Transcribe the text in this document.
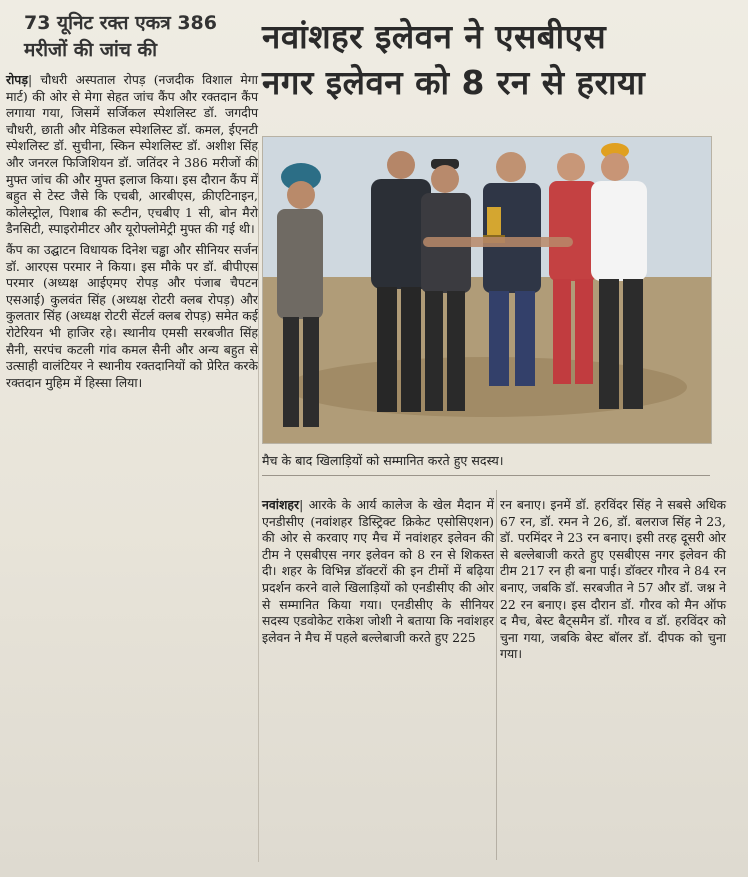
73 यूनिट रक्त एकत्र 386 मरीजों की जांच की

रोपड़| चौधरी अस्पताल रोपड़ (नजदीक विशाल मेगा मार्ट) की ओर से मेगा सेहत जांच कैंप और रक्तदान कैंप लगाया गया, जिसमें सर्जिकल स्पेशलिस्ट डॉ. जगदीप चौधरी, छाती और मेडिकल स्पेशलिस्ट डॉ. कमल, ईएनटी स्पेशलिस्ट डॉ. सुचीना, स्किन स्पेशलिस्ट डॉ. अशीश सिंह और जनरल फिजिशियन डॉ. जतिंदर ने 386 मरीजों की मुफ्त जांच की और मुफ्त इलाज किया। इस दौरान कैंप में बहुत से टेस्ट जैसे कि एचबी, आरबीएस, क्रीएटिनाइन, कोलेस्ट्रोल, पिशाब की रूटीन, एचबीए 1 सी, बोन मैरो डैनसिटी, स्पाइरोमीटर और यूरोफ्लोमेट्री मुफ्त की गई थी।

कैंप का उद्घाटन विधायक दिनेश चड्ढा और सीनियर सर्जन डॉ. आरएस परमार ने किया। इस मौके पर डॉ. बीपीएस परमार (अध्यक्ष आईएमए रोपड़ और पंजाब चैपटन एसआई) कुलवंत सिंह (अध्यक्ष रोटरी क्लब रोपड़) और कुलतार सिंह (अध्यक्ष रोटरी सेंटर्ल क्लब रोपड़) समेत कई रोटेरियन भी हाजिर रहे। स्थानीय एमसी सरबजीत सिंह सैनी, सरपंच कटली गांव कमल सैनी और अन्य बहुत से उत्साही वालंटियर ने स्थानीय रक्तदानियों को प्रेरित करके रक्तदान मुहिम में हिस्सा लिया।

नवांशहर इलेवन ने एसबीएस
नगर इलेवन को 8 रन से हराया
मैच के बाद खिलाड़ियों को सम्मानित करते हुए सदस्य।
नवांशहर| आरके के आर्य कालेज के खेल मैदान में एनडीसीए (नवांशहर डिस्ट्रिक्ट क्रिकेट एसोसिएशन) की ओर से करवाए गए मैच में नवांशहर इलेवन की टीम ने एसबीएस नगर इलेवन को 8 रन से शिकस्त दी। शहर के विभिन्न डॉक्टरों की इन टीमों में बढ़िया प्रदर्शन करने वाले खिलाड़ियों को एनडीसीए की ओर से सम्मानित किया गया। एनडीसीए के सीनियर सदस्य एडवोकेट राकेश जोशी ने बताया कि नवांशहर इलेवन ने मैच में पहले बल्लेबाजी करते हुए 225
रन बनाए। इनमें डॉ. हरविंदर सिंह ने सबसे अधिक 67 रन, डॉ. रमन ने 26, डॉ. बलराज सिंह ने 23, डॉ. परमिंदर ने 23 रन बनाए। इसी तरह दूसरी ओर से बल्लेबाजी करते हुए एसबीएस नगर इलेवन की टीम 217 रन ही बना पाई। डॉक्टर गौरव ने 84 रन बनाए, जबकि डॉ. सरबजीत ने 57 और डॉ. जश्न ने 22 रन बनाए। इस दौरान डॉ. गौरव को मैन ऑफ द मैच, बेस्ट बैट्समैन डॉ. गौरव व डॉ. हरविंदर को चुना गया, जबकि बेस्ट बॉलर डॉ. दीपक को चुना गया।
